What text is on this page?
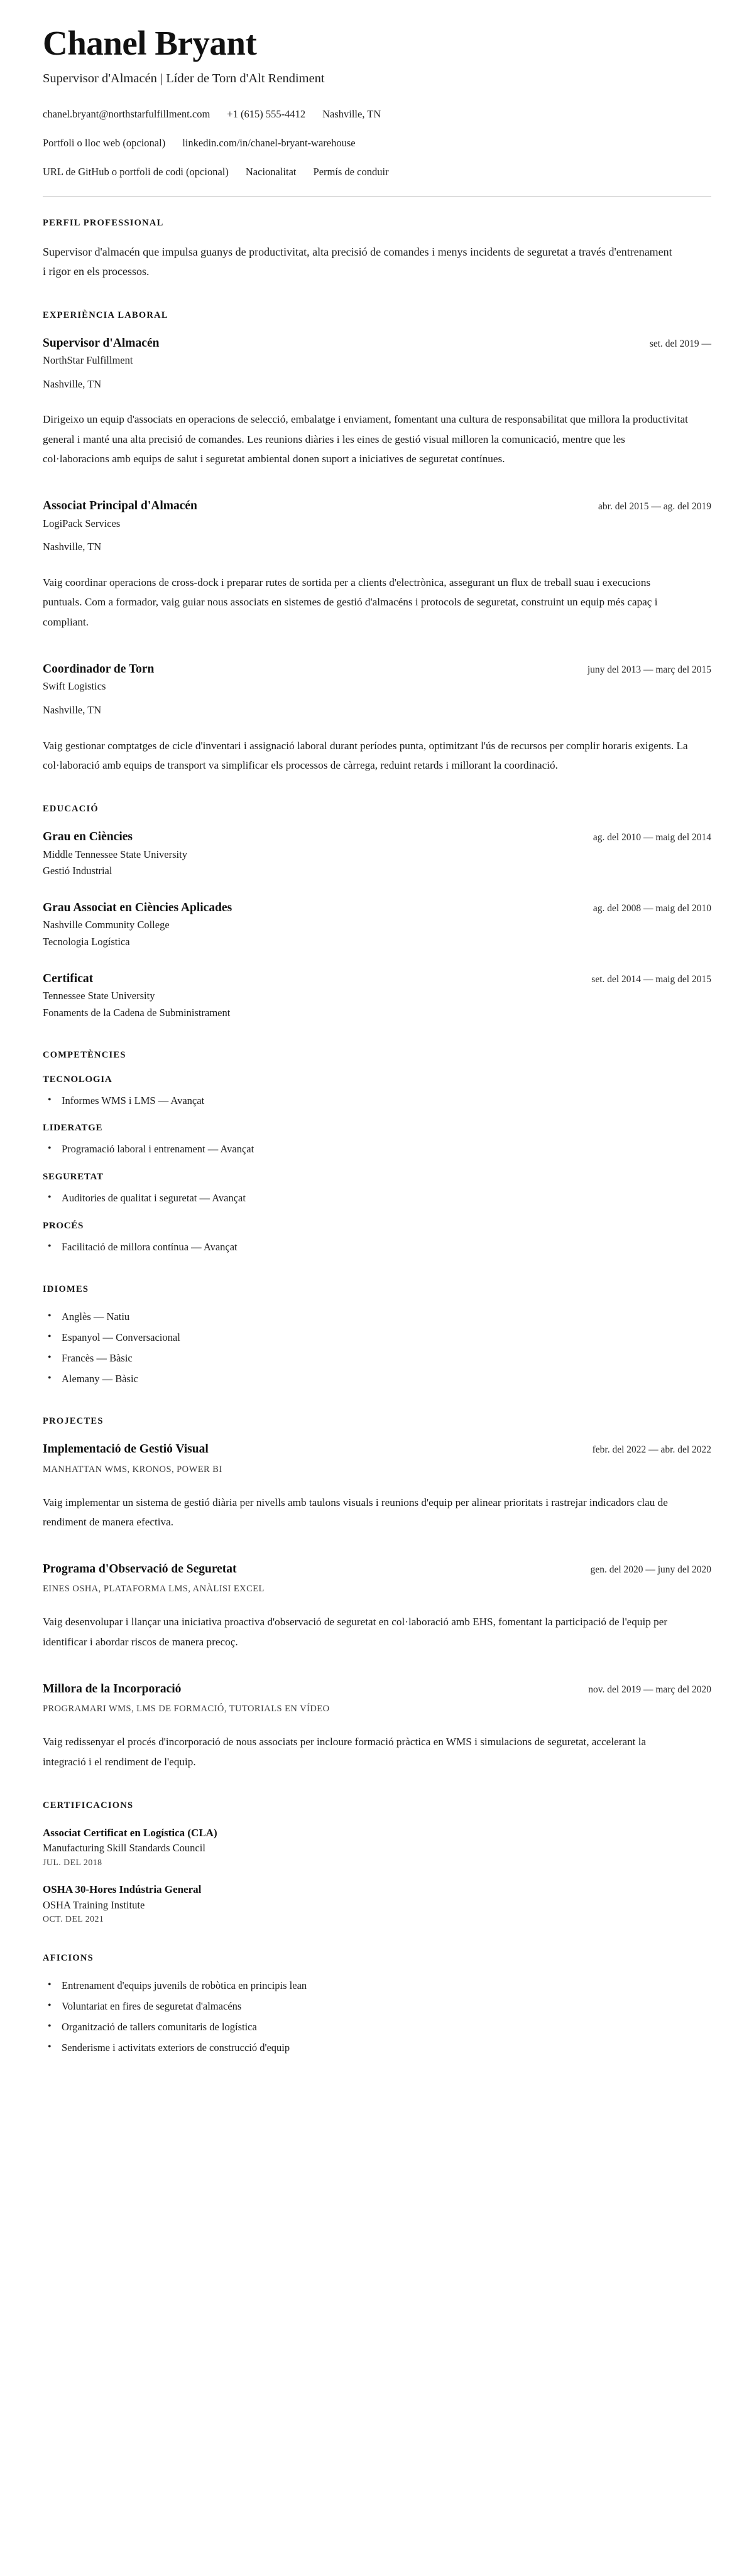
Chanel Bryant
Supervisor d'Almacén | Líder de Torn d'Alt Rendiment
chanel.bryant@northstarfulfillment.com +1 (615) 555-4412 Nashville, TN
Portfoli o lloc web (opcional) linkedin.com/in/chanel-bryant-warehouse
URL de GitHub o portfoli de codi (opcional) Nacionalitat Permís de conduir
PERFIL PROFESSIONAL

Supervisor d'almacén que impulsa guanys de productivitat, alta precisió de comandes i menys incidents de seguretat a través d'entrenament i rigor en els processos.

EXPERIÈNCIA LABORAL
Supervisor d'Almacén	set. del 2019 —
NorthStar Fulfillment
Nashville, TN

Dirigeixo un equip d'associats en operacions de selecció, embalatge i enviament, fomentant una cultura de responsabilitat que millora la productivitat general i manté una alta precisió de comandes. Les reunions diàries i les eines de gestió visual milloren la comunicació, mentre que les col·laboracions amb equips de salut i seguretat ambiental donen suport a iniciatives de seguretat contínues.

Associat Principal d'Almacén	abr. del 2015 — ag. del 2019
LogiPack Services
Nashville, TN

Vaig coordinar operacions de cross-dock i preparar rutes de sortida per a clients d'electrònica, assegurant un flux de treball suau i execucions puntuals. Com a formador, vaig guiar nous associats en sistemes de gestió d'almacéns i protocols de seguretat, construint un equip més capaç i compliant.

Coordinador de Torn	juny del 2013 — març del 2015
Swift Logistics
Nashville, TN

Vaig gestionar comptatges de cicle d'inventari i assignació laboral durant períodes punta, optimitzant l'ús de recursos per complir horaris exigents. La col·laboració amb equips de transport va simplificar els processos de càrrega, reduint retards i millorant la coordinació.

EDUCACIÓ
Grau en Ciències	ag. del 2010 — maig del 2014
Middle Tennessee State University
Gestió Industrial
Grau Associat en Ciències Aplicades	ag. del 2008 — maig del 2010
Nashville Community College
Tecnologia Logística
Certificat	set. del 2014 — maig del 2015
Tennessee State University
Fonaments de la Cadena de Subministrament
COMPETÈNCIES
TECNOLOGIA
• Informes WMS i LMS — Avançat
LIDERATGE
• Programació laboral i entrenament — Avançat
SEGURETAT
• Auditories de qualitat i seguretat — Avançat
PROCÉS
• Facilitació de millora contínua — Avançat
IDIOMES
• Anglès — Natiu
• Espanyol — Conversacional
• Francès — Bàsic
• Alemany — Bàsic
PROJECTES
Implementació de Gestió Visual	febr. del 2022 — abr. del 2022
MANHATTAN WMS, KRONOS, POWER BI

Vaig implementar un sistema de gestió diària per nivells amb taulons visuals i reunions d'equip per alinear prioritats i rastrejar indicadors clau de rendiment de manera efectiva.

Programa d'Observació de Seguretat	gen. del 2020 — juny del 2020
EINES OSHA, PLATAFORMA LMS, ANÀLISI EXCEL

Vaig desenvolupar i llançar una iniciativa proactiva d'observació de seguretat en col·laboració amb EHS, fomentant la participació de l'equip per identificar i abordar riscos de manera precoç.

Millora de la Incorporació	nov. del 2019 — març del 2020
PROGRAMARI WMS, LMS DE FORMACIÓ, TUTORIALS EN VÍDEO

Vaig redissenyar el procés d'incorporació de nous associats per incloure formació pràctica en WMS i simulacions de seguretat, accelerant la integració i el rendiment de l'equip.

CERTIFICACIONS
Associat Certificat en Logística (CLA)
Manufacturing Skill Standards Council
JUL. DEL 2018
OSHA 30-Hores Indústria General
OSHA Training Institute
OCT. DEL 2021
AFICIONS
• Entrenament d'equips juvenils de robòtica en principis lean
• Voluntariat en fires de seguretat d'almacéns
• Organització de tallers comunitaris de logística
• Senderisme i activitats exteriors de construcció d'equip
